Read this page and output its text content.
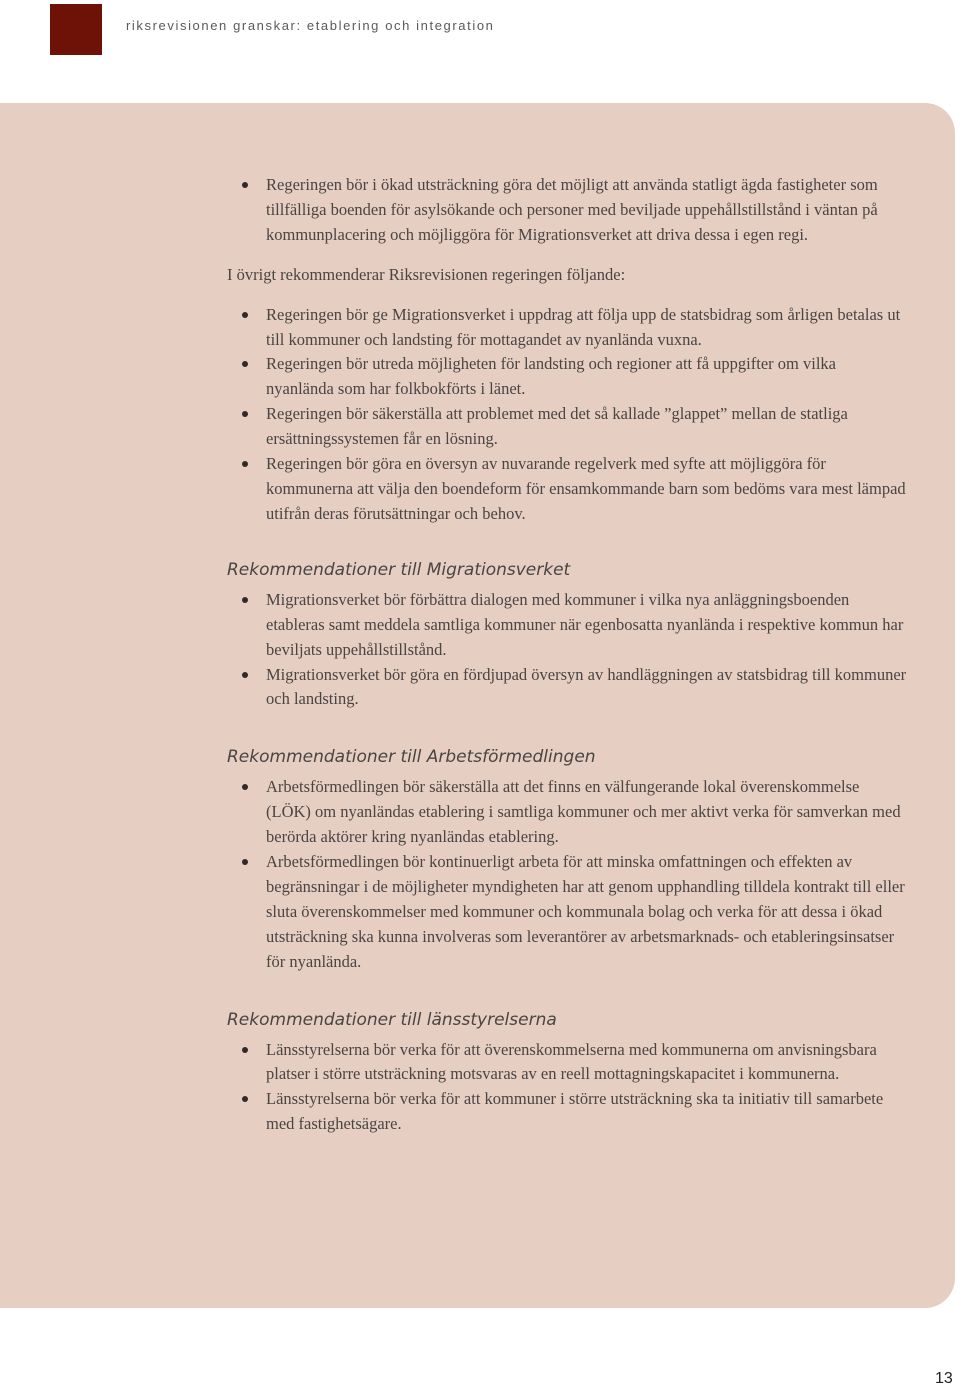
riksrevisionen granskar: etablering och integration
Regeringen bör i ökad utsträckning göra det möjligt att använda statligt ägda fastigheter som tillfälliga boenden för asylsökande och personer med beviljade uppehållstillstånd i väntan på kommunplacering och möjliggöra för Migrationsverket att driva dessa i egen regi.

I övrigt rekommenderar Riksrevisionen regeringen följande:

Regeringen bör ge Migrationsverket i uppdrag att följa upp de statsbidrag som årligen betalas ut till kommuner och landsting för mottagandet av nyanlända vuxna.
Regeringen bör utreda möjligheten för landsting och regioner att få uppgifter om vilka nyanlända som har folkbokförts i länet.
Regeringen bör säkerställa att problemet med det så kallade ”glappet” mellan de statliga ersättningssystemen får en lösning.
Regeringen bör göra en översyn av nuvarande regelverk med syfte att möjliggöra för kommunerna att välja den boendeform för ensamkommande barn som bedöms vara mest lämpad utifrån deras förutsättningar och behov.
Rekommendationer till Migrationsverket
Migrationsverket bör förbättra dialogen med kommuner i vilka nya anläggningsboenden etableras samt meddela samtliga kommuner när egenbosatta nyanlända i respektive kommun har beviljats uppehållstillstånd.
Migrationsverket bör göra en fördjupad översyn av handläggningen av statsbidrag till kommuner och landsting.
Rekommendationer till Arbetsförmedlingen
Arbetsförmedlingen bör säkerställa att det finns en välfungerande lokal överenskommelse (LÖK) om nyanländas etablering i samtliga kommuner och mer aktivt verka för samverkan med berörda aktörer kring nyanländas etablering.
Arbetsförmedlingen bör kontinuerligt arbeta för att minska omfattningen och effekten av begränsningar i de möjligheter myndigheten har att genom upphandling tilldela kontrakt till eller sluta överenskommelser med kommuner och kommunala bolag och verka för att dessa i ökad utsträckning ska kunna involveras som leverantörer av arbetsmarknads- och etableringsinsatser för nyanlända.
Rekommendationer till länsstyrelserna
Länsstyrelserna bör verka för att överenskommelserna med kommunerna om anvisningsbara platser i större utsträckning motsvaras av en reell mottagningskapacitet i kommunerna.
Länsstyrelserna bör verka för att kommuner i större utsträckning ska ta initiativ till samarbete med fastighetsägare.
13
